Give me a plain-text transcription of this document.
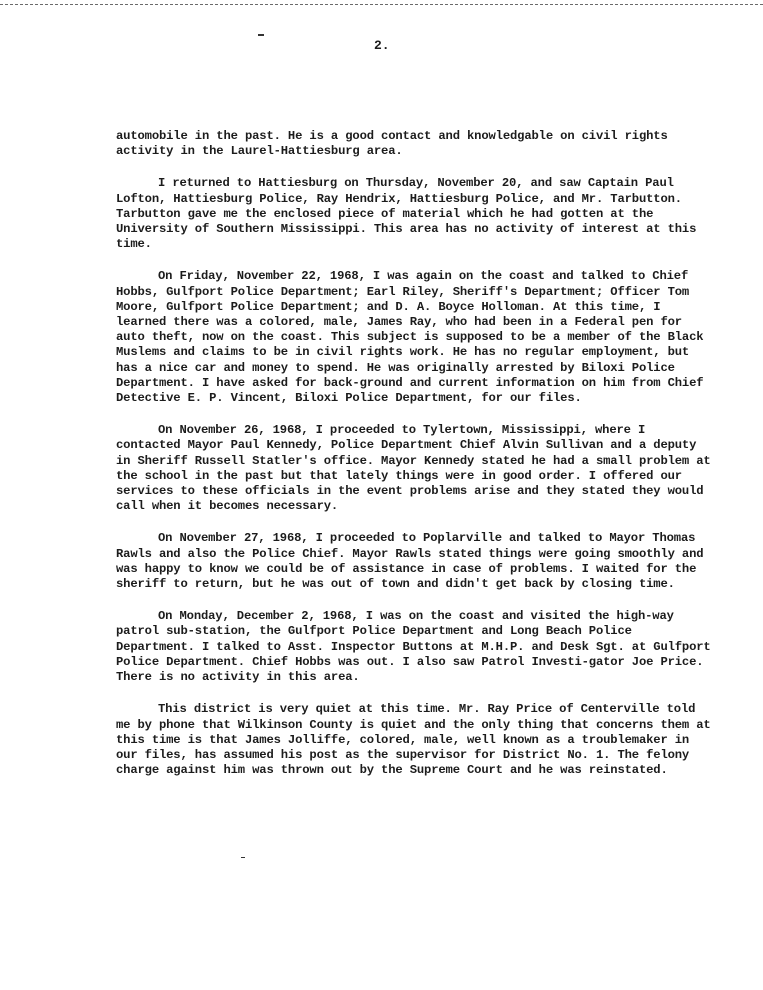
2.

automobile in the past. He is a good contact and knowledgable on civil rights activity in the Laurel-Hattiesburg area.

I returned to Hattiesburg on Thursday, November 20, and saw Captain Paul Lofton, Hattiesburg Police, Ray Hendrix, Hattiesburg Police, and Mr. Tarbutton. Tarbutton gave me the enclosed piece of material which he had gotten at the University of Southern Mississippi. This area has no activity of interest at this time.

On Friday, November 22, 1968, I was again on the coast and talked to Chief Hobbs, Gulfport Police Department; Earl Riley, Sheriff's Department; Officer Tom Moore, Gulfport Police Department; and D. A. Boyce Holloman. At this time, I learned there was a colored, male, James Ray, who had been in a Federal pen for auto theft, now on the coast. This subject is supposed to be a member of the Black Muslems and claims to be in civil rights work. He has no regular employment, but has a nice car and money to spend. He was originally arrested by Biloxi Police Department. I have asked for back-ground and current information on him from Chief Detective E. P. Vincent, Biloxi Police Department, for our files.

On November 26, 1968, I proceeded to Tylertown, Mississippi, where I contacted Mayor Paul Kennedy, Police Department Chief Alvin Sullivan and a deputy in Sheriff Russell Statler's office. Mayor Kennedy stated he had a small problem at the school in the past but that lately things were in good order. I offered our services to these officials in the event problems arise and they stated they would call when it becomes necessary.

On November 27, 1968, I proceeded to Poplarville and talked to Mayor Thomas Rawls and also the Police Chief. Mayor Rawls stated things were going smoothly and was happy to know we could be of assistance in case of problems. I waited for the sheriff to return, but he was out of town and didn't get back by closing time.

On Monday, December 2, 1968, I was on the coast and visited the high-way patrol sub-station, the Gulfport Police Department and Long Beach Police Department. I talked to Asst. Inspector Buttons at M.H.P. and Desk Sgt. at Gulfport Police Department. Chief Hobbs was out. I also saw Patrol Investi-gator Joe Price. There is no activity in this area.

This district is very quiet at this time. Mr. Ray Price of Centerville told me by phone that Wilkinson County is quiet and the only thing that concerns them at this time is that James Jolliffe, colored, male, well known as a troublemaker in our files, has assumed his post as the supervisor for District No. 1. The felony charge against him was thrown out by the Supreme Court and he was reinstated.
